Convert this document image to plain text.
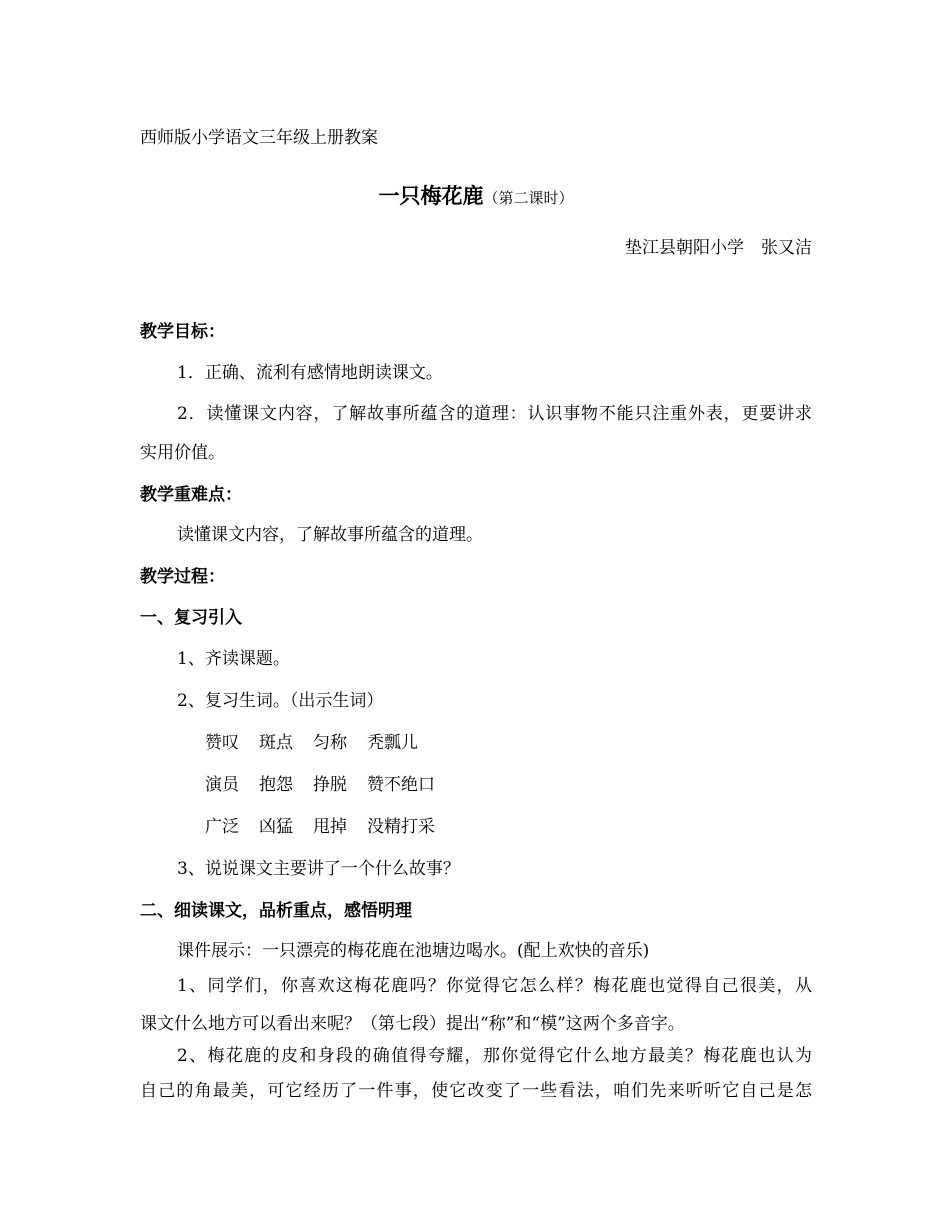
西师版小学语文三年级上册教案
一只梅花鹿（第二课时）
垫江县朝阳小学　张又洁
教学目标：
1．正确、流利有感情地朗读课文。
2．读懂课文内容，了解故事所蕴含的道理：认识事物不能只注重外表，更要讲求
实用价值。
教学重难点：
读懂课文内容，了解故事所蕴含的道理。
教学过程：
一、复习引入
1、齐读课题。
2、复习生词。（出示生词）
赞叹 斑点 匀称 秃瓢儿
演员 抱怨 挣脱 赞不绝口
广泛 凶猛 甩掉 没精打采
3、说说课文主要讲了一个什么故事？
二、细读课文，品析重点，感悟明理
课件展示：一只漂亮的梅花鹿在池塘边喝水。(配上欢快的音乐)
1、同学们，你喜欢这梅花鹿吗？你觉得它怎么样？梅花鹿也觉得自己很美，从
课文什么地方可以看出来呢？（第七段）提出“称”和“模”这两个多音字。
2、梅花鹿的皮和身段的确值得夸耀，那你觉得它什么地方最美？梅花鹿也认为
自己的角最美，可它经历了一件事，使它改变了一些看法，咱们先来听听它自己是怎
